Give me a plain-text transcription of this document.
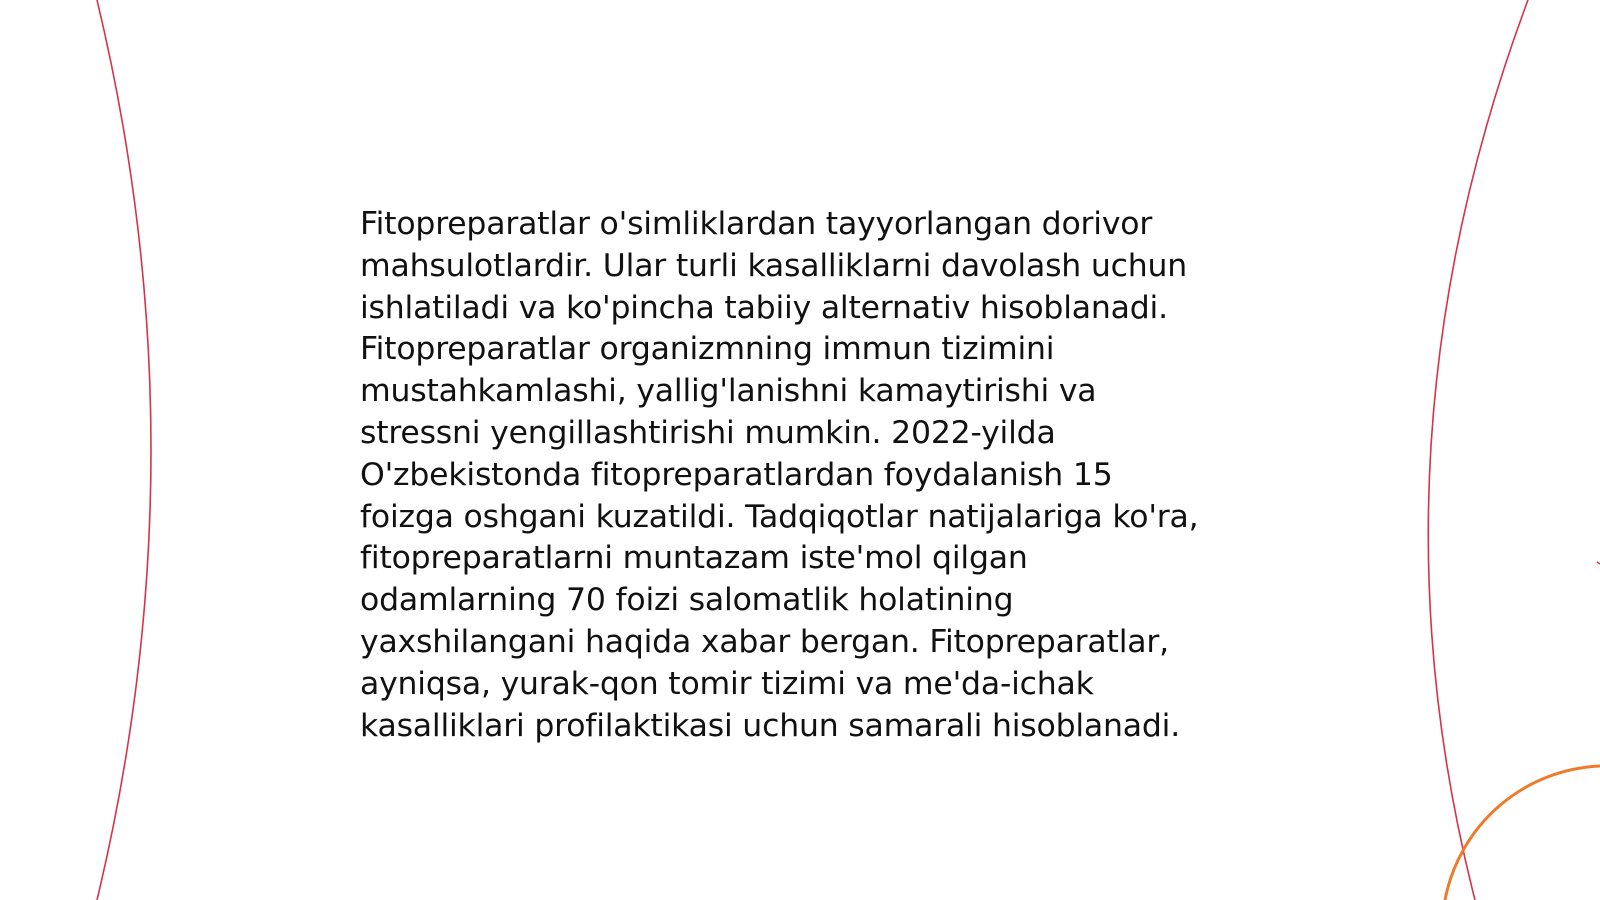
Fitopreparatlar o'simliklardan tayyorlangan dorivor
mahsulotlardir. Ular turli kasalliklarni davolash uchun
ishlatiladi va ko'pincha tabiiy alternativ hisoblanadi.
Fitopreparatlar organizmning immun tizimini
mustahkamlashi, yallig'lanishni kamaytirishi va
stressni yengillashtirishi mumkin. 2022-yilda
O'zbekistonda fitopreparatlardan foydalanish 15
foizga oshgani kuzatildi. Tadqiqotlar natijalariga ko'ra,
fitopreparatlarni muntazam iste'mol qilgan
odamlarning 70 foizi salomatlik holatining
yaxshilangani haqida xabar bergan. Fitopreparatlar,
ayniqsa, yurak-qon tomir tizimi va me'da-ichak
kasalliklari profilaktikasi uchun samarali hisoblanadi.
